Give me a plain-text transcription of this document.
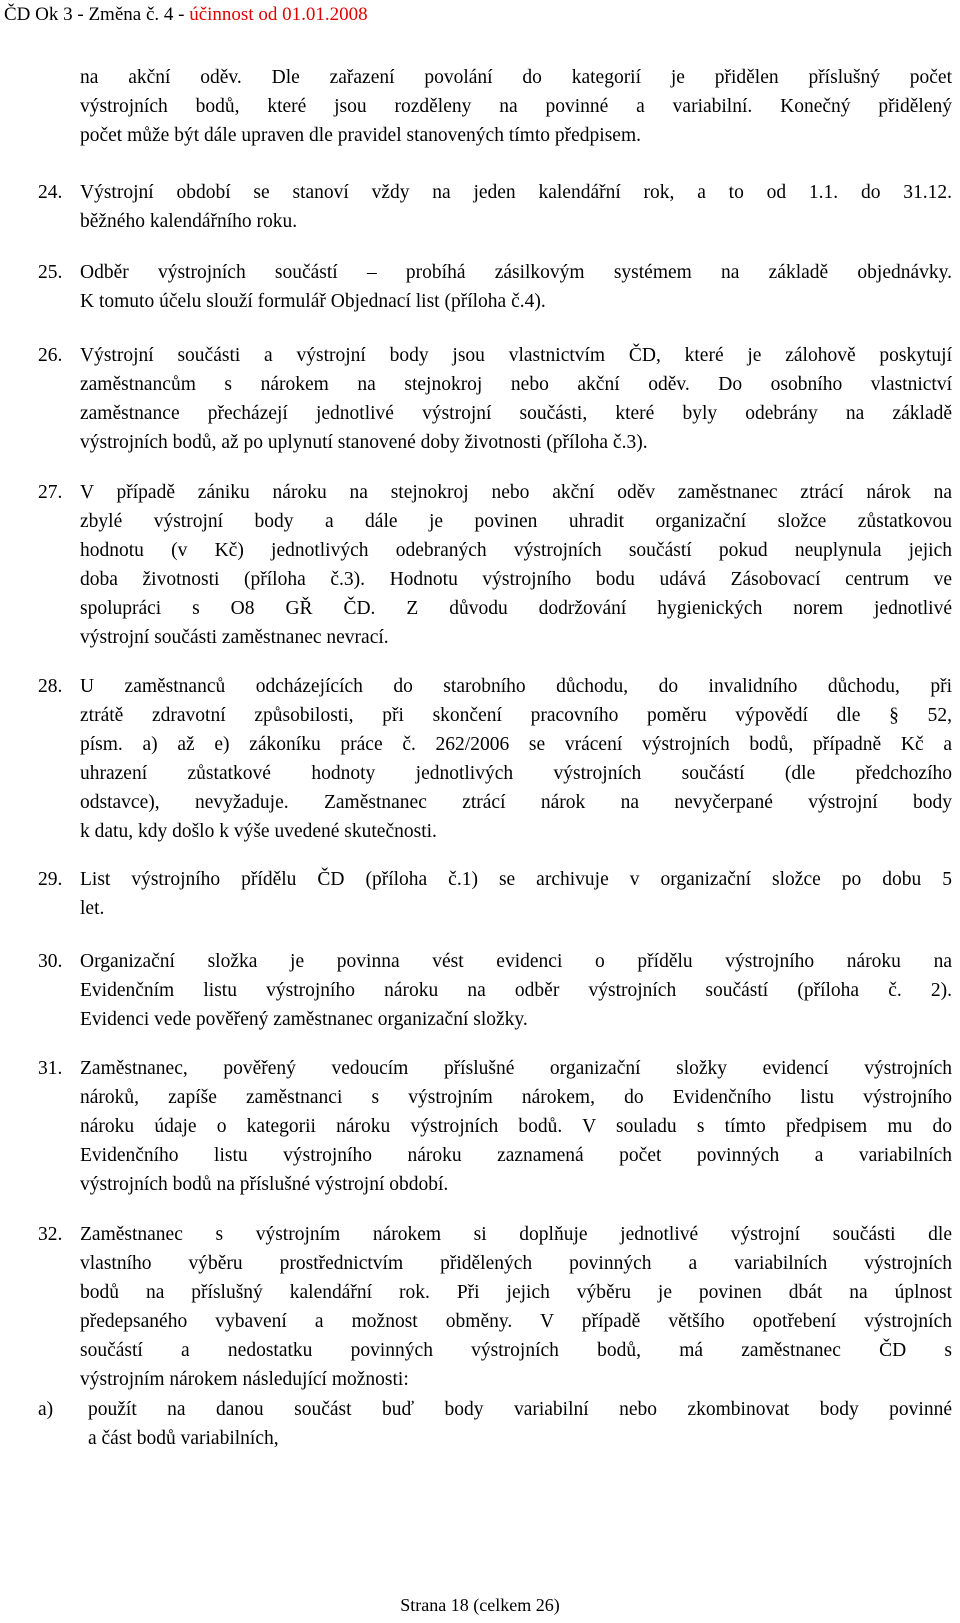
ČD Ok 3 - Změna č. 4 - účinnost od 01.01.2008
na akční oděv. Dle zařazení povolání do kategorií je přidělen příslušný počet
výstrojních bodů, které jsou rozděleny na povinné a variabilní. Konečný přidělený
počet může být dále upraven dle pravidel stanovených tímto předpisem.
24. Výstrojní období se stanoví vždy na jeden kalendářní rok, a to od 1.1. do 31.12.
běžného kalendářního roku.
25. Odběr výstrojních součástí – probíhá zásilkovým systémem na základě objednávky.
K tomuto účelu slouží formulář Objednací list (příloha č.4).
26. Výstrojní součásti a výstrojní body jsou vlastnictvím ČD, které je zálohově poskytují
zaměstnancům s nárokem na stejnokroj nebo akční oděv. Do osobního vlastnictví
zaměstnance přecházejí jednotlivé výstrojní součásti, které byly odebrány na základě
výstrojních bodů, až po uplynutí stanovené doby životnosti (příloha č.3).
27. V případě zániku nároku na stejnokroj nebo akční oděv zaměstnanec ztrácí nárok na
zbylé výstrojní body a dále je povinen uhradit organizační složce zůstatkovou
hodnotu (v Kč) jednotlivých odebraných výstrojních součástí pokud neuplynula jejich
doba životnosti (příloha č.3). Hodnotu výstrojního bodu udává Zásobovací centrum ve
spolupráci s O8 GŘ ČD. Z důvodu dodržování hygienických norem jednotlivé
výstrojní součásti zaměstnanec nevrací.
28. U zaměstnanců odcházejících do starobního důchodu, do invalidního důchodu, při
ztrátě zdravotní způsobilosti, při skončení pracovního poměru výpovědí dle § 52,
písm. a) až e) zákoníku práce č. 262/2006 se vrácení výstrojních bodů, případně Kč a
uhrazení zůstatkové hodnoty jednotlivých výstrojních součástí (dle předchozího
odstavce), nevyžaduje. Zaměstnanec ztrácí nárok na nevyčerpané výstrojní body
k datu, kdy došlo k výše uvedené skutečnosti.
29. List výstrojního přídělu ČD (příloha č.1) se archivuje v organizační složce po dobu 5
let.
30. Organizační složka je povinna vést evidenci o přídělu výstrojního nároku na
Evidenčním listu výstrojního nároku na odběr výstrojních součástí (příloha č. 2).
Evidenci vede pověřený zaměstnanec organizační složky.
31. Zaměstnanec, pověřený vedoucím příslušné organizační složky evidencí výstrojních
nároků, zapíše zaměstnanci s výstrojním nárokem, do Evidenčního listu výstrojního
nároku údaje o kategorii nároku výstrojních bodů. V souladu s tímto předpisem mu do
Evidenčního listu výstrojního nároku zaznamená počet povinných a variabilních
výstrojních bodů na příslušné výstrojní období.
32. Zaměstnanec s výstrojním nárokem si doplňuje jednotlivé výstrojní součásti dle
vlastního výběru prostřednictvím přidělených povinných a variabilních výstrojních
bodů na příslušný kalendářní rok. Při jejich výběru je povinen dbát na úplnost
předepsaného vybavení a možnost obměny. V případě většího opotřebení výstrojních
součástí a nedostatku povinných výstrojních bodů, má zaměstnanec ČD s
výstrojním nárokem následující možnosti:
a) použít na danou součást buď body variabilní nebo zkombinovat body povinné
a část bodů variabilních,
Strana 18 (celkem 26)
